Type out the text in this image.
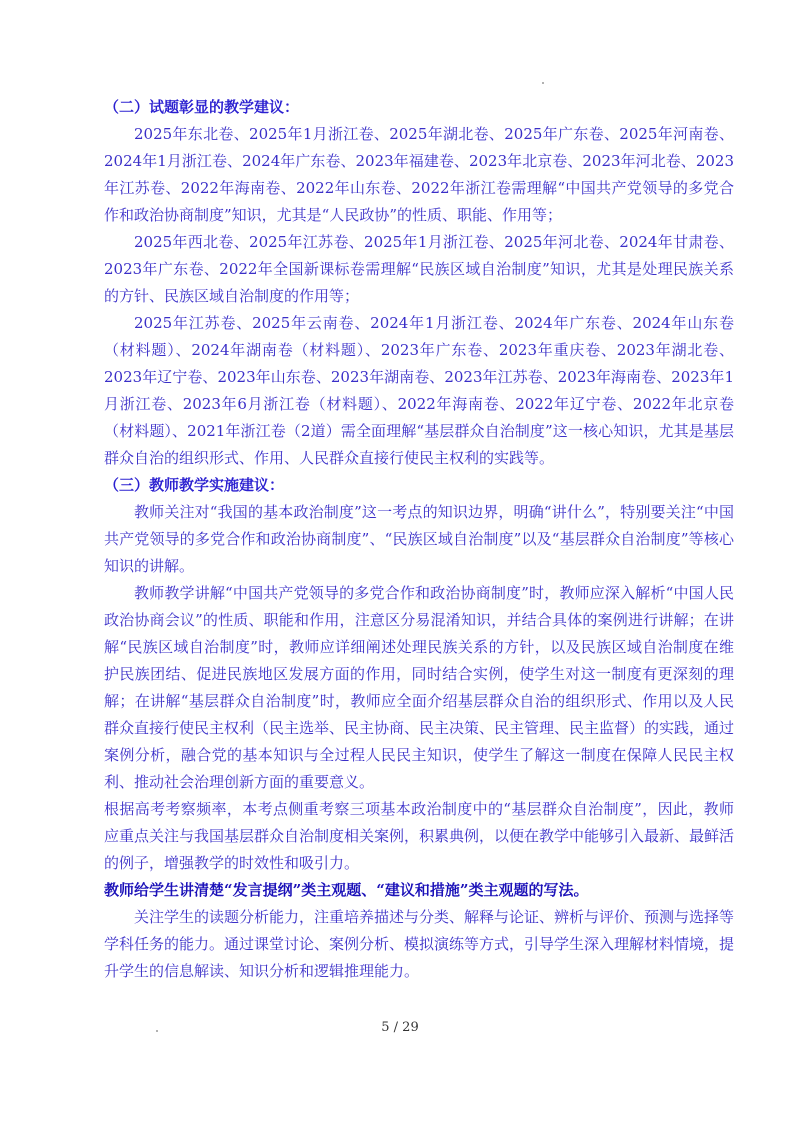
（二）试题彰显的教学建议：

2025年东北卷、2025年1月浙江卷、2025年湖北卷、2025年广东卷、2025年河南卷、2024年1月浙江卷、2024年广东卷、2023年福建卷、2023年北京卷、2023年河北卷、2023年江苏卷、2022年海南卷、2022年山东卷、2022年浙江卷需理解“中国共产党领导的多党合作和政治协商制度”知识，尤其是“人民政协”的性质、职能、作用等；

2025年西北卷、2025年江苏卷、2025年1月浙江卷、2025年河北卷、2024年甘肃卷、2023年广东卷、2022年全国新课标卷需理解“民族区域自治制度”知识，尤其是处理民族关系的方针、民族区域自治制度的作用等；

2025年江苏卷、2025年云南卷、2024年1月浙江卷、2024年广东卷、2024年山东卷（材料题）、2024年湖南卷（材料题）、2023年广东卷、2023年重庆卷、2023年湖北卷、2023年辽宁卷、2023年山东卷、2023年湖南卷、2023年江苏卷、2023年海南卷、2023年1月浙江卷、2023年6月浙江卷（材料题）、2022年海南卷、2022年辽宁卷、2022年北京卷（材料题）、2021年浙江卷（2道）需全面理解“基层群众自治制度”这一核心知识，尤其是基层群众自治的组织形式、作用、人民群众直接行使民主权利的实践等。

（三）教师教学实施建议：

教师关注对“我国的基本政治制度”这一考点的知识边界，明确“讲什么”，特别要关注“中国共产党领导的多党合作和政治协商制度”、“民族区域自治制度”以及“基层群众自治制度”等核心知识的讲解。

教师教学讲解“中国共产党领导的多党合作和政治协商制度”时，教师应深入解析“中国人民政治协商会议”的性质、职能和作用，注意区分易混淆知识，并结合具体的案例进行讲解；在讲解“民族区域自治制度”时，教师应详细阐述处理民族关系的方针，以及民族区域自治制度在维护民族团结、促进民族地区发展方面的作用，同时结合实例，使学生对这一制度有更深刻的理解；在讲解“基层群众自治制度”时，教师应全面介绍基层群众自治的组织形式、作用以及人民群众直接行使民主权利（民主选举、民主协商、民主决策、民主管理、民主监督）的实践，通过案例分析，融合党的基本知识与全过程人民民主知识，使学生了解这一制度在保障人民民主权利、推动社会治理创新方面的重要意义。

根据高考考察频率，本考点侧重考察三项基本政治制度中的“基层群众自治制度”，因此，教师应重点关注与我国基层群众自治制度相关案例，积累典例，以便在教学中能够引入最新、最鲜活的例子，增强教学的时效性和吸引力。

教师给学生讲清楚“发言提纲”类主观题、“建议和措施”类主观题的写法。

关注学生的读题分析能力，注重培养描述与分类、解释与论证、辨析与评价、预测与选择等学科任务的能力。通过课堂讨论、案例分析、模拟演练等方式，引导学生深入理解材料情境，提升学生的信息解读、知识分析和逻辑推理能力。

5 / 29
